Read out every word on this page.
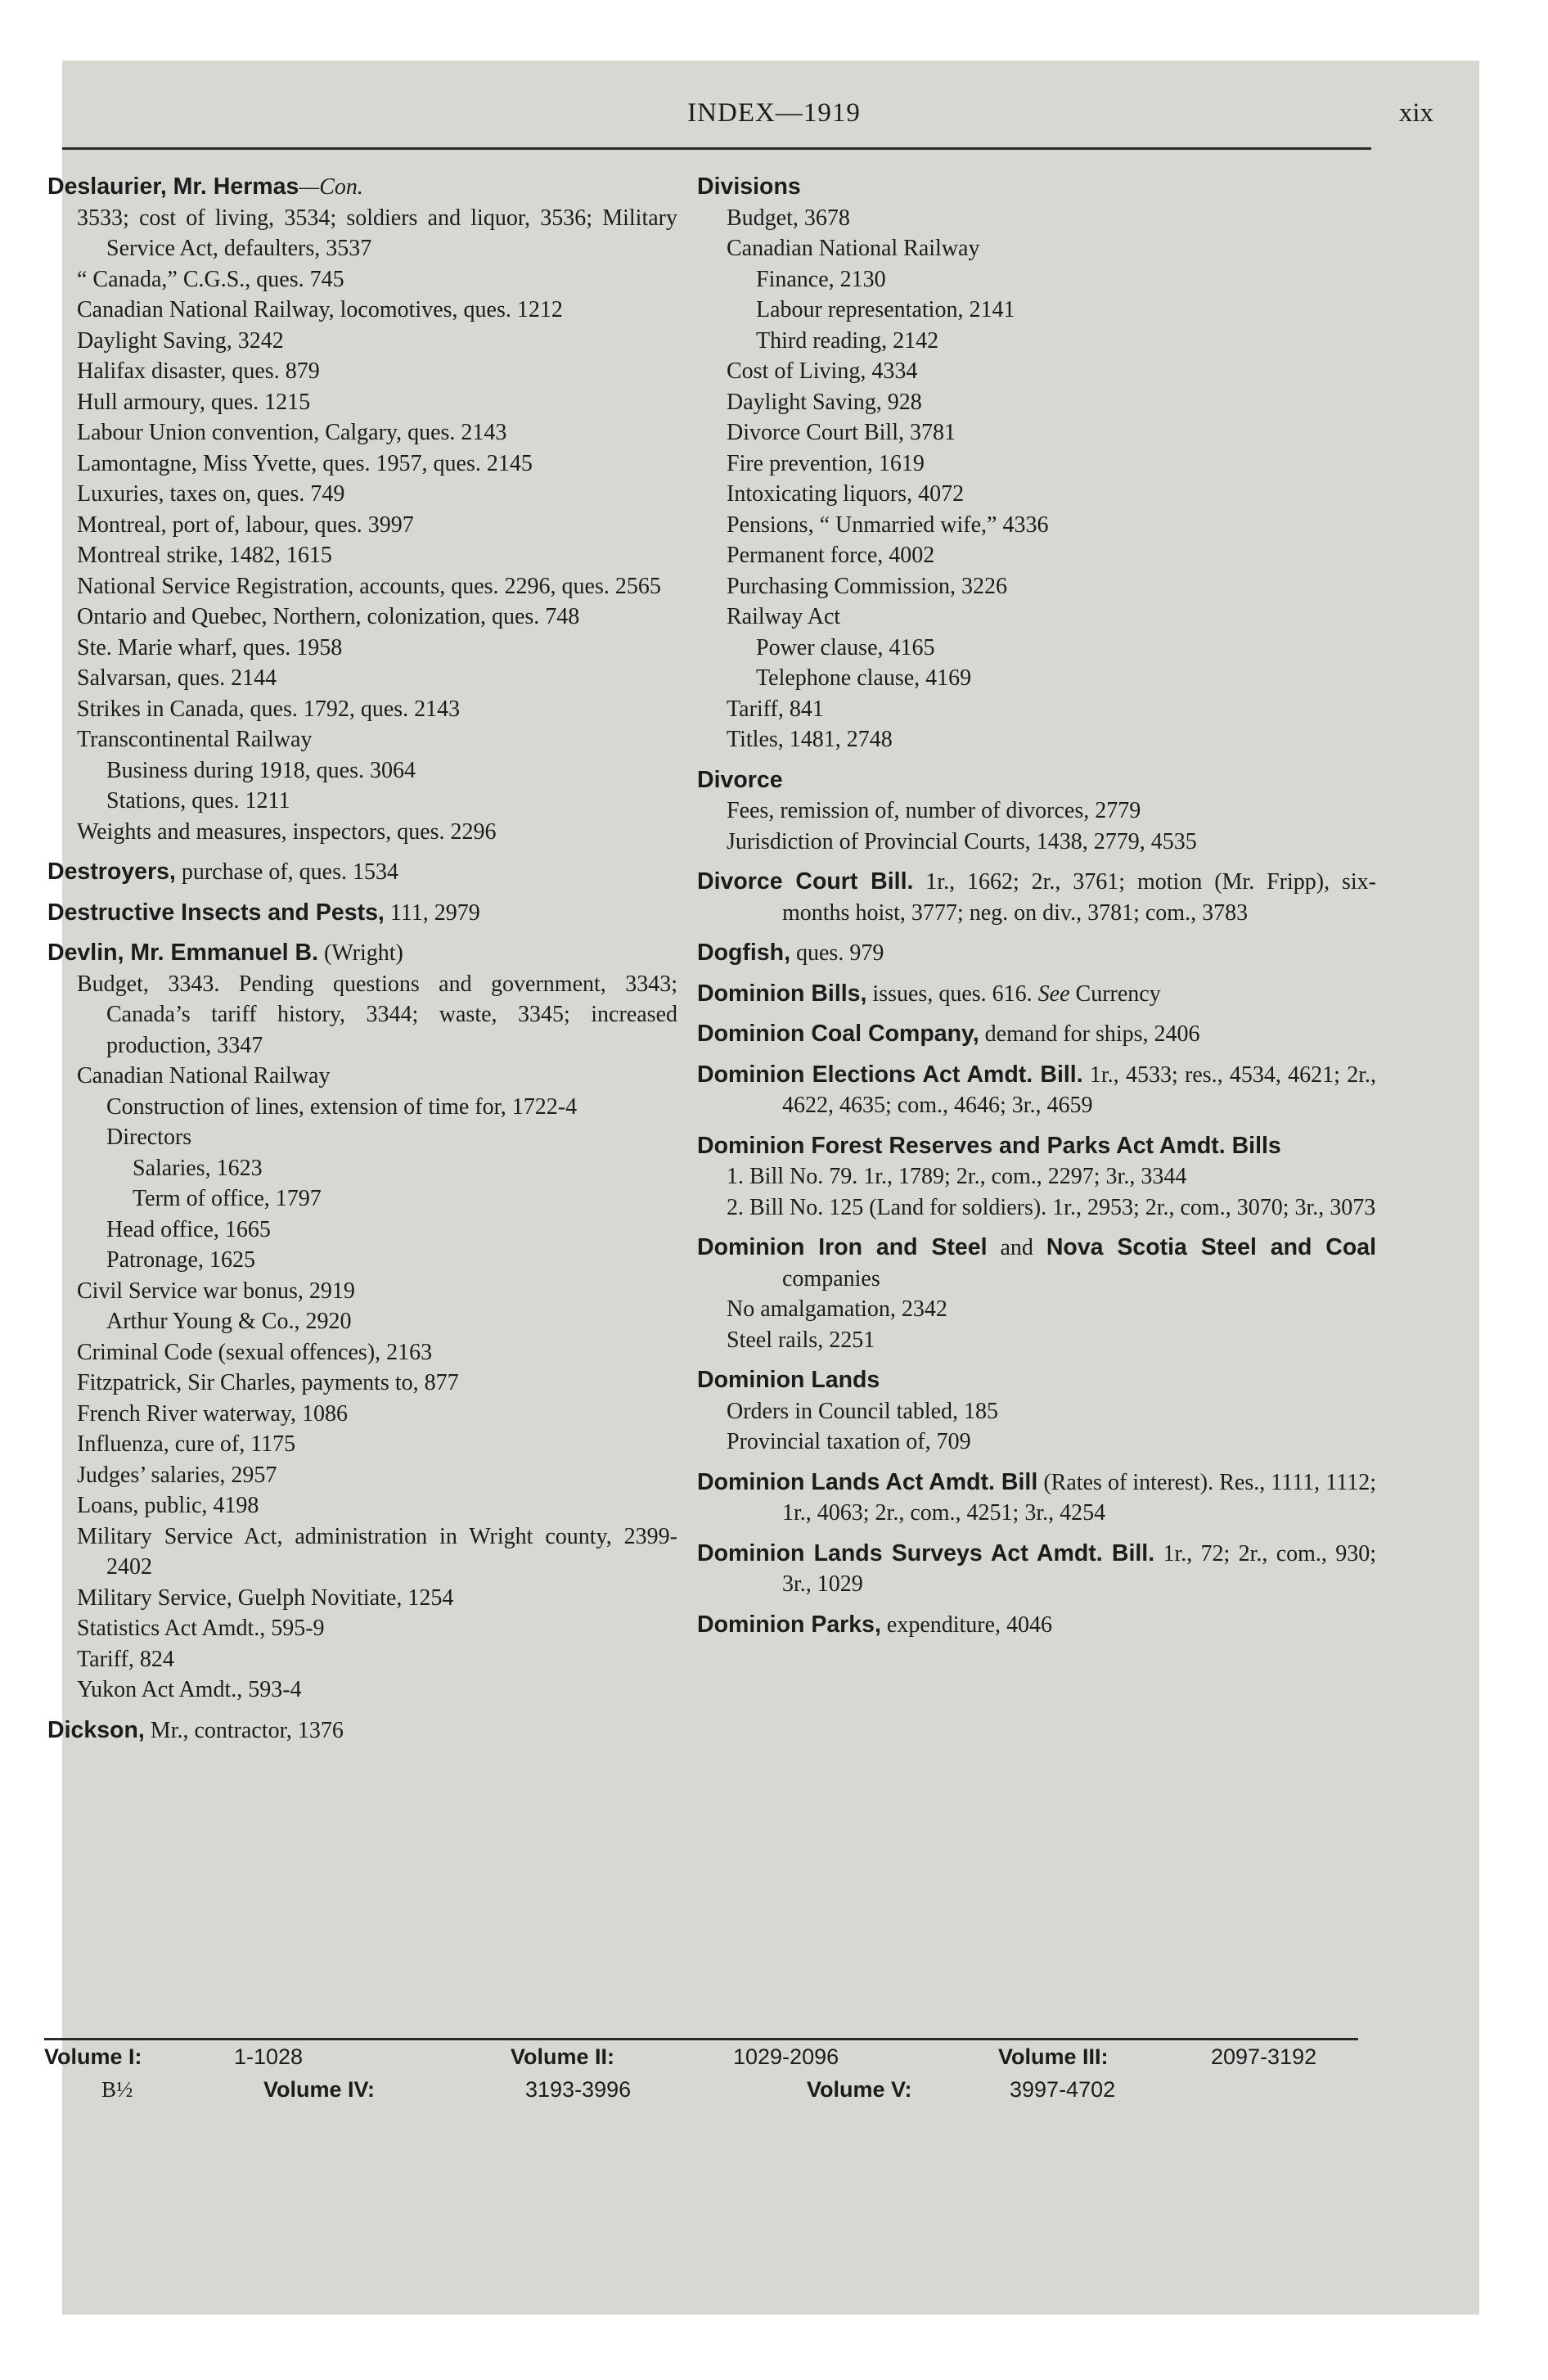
INDEX—1919	xix
Deslaurier, Mr. Hermas—Con.
3533; cost of living, 3534; soldiers and liquor, 3536; Military Service Act, defaulters, 3537
“ Canada,” C.G.S., ques. 745
Canadian National Railway, locomotives, ques. 1212
Daylight Saving, 3242
Halifax disaster, ques. 879
Hull armoury, ques. 1215
Labour Union convention, Calgary, ques. 2143
Lamontagne, Miss Yvette, ques. 1957, ques. 2145
Luxuries, taxes on, ques. 749
Montreal, port of, labour, ques. 3997
Montreal strike, 1482, 1615
National Service Registration, accounts, ques. 2296, ques. 2565
Ontario and Quebec, Northern, colonization, ques. 748
Ste. Marie wharf, ques. 1958
Salvarsan, ques. 2144
Strikes in Canada, ques. 1792, ques. 2143
Transcontinental Railway
Business during 1918, ques. 3064
Stations, ques. 1211
Weights and measures, inspectors, ques. 2296
Destroyers, purchase of, ques. 1534
Destructive Insects and Pests, 111, 2979
Devlin, Mr. Emmanuel B. (Wright)
Budget, 3343. Pending questions and government, 3343; Canada’s tariff history, 3344; waste, 3345; increased production, 3347
Canadian National Railway
Construction of lines, extension of time for, 1722-4
Directors
Salaries, 1623
Term of office, 1797
Head office, 1665
Patronage, 1625
Civil Service war bonus, 2919
Arthur Young & Co., 2920
Criminal Code (sexual offences), 2163
Fitzpatrick, Sir Charles, payments to, 877
French River waterway, 1086
Influenza, cure of, 1175
Judges’ salaries, 2957
Loans, public, 4198
Military Service Act, administration in Wright county, 2399-2402
Military Service, Guelph Novitiate, 1254
Statistics Act Amdt., 595-9
Tariff, 824
Yukon Act Amdt., 593-4
Dickson, Mr., contractor, 1376
Divisions
Budget, 3678
Canadian National Railway
Finance, 2130
Labour representation, 2141
Third reading, 2142
Cost of Living, 4334
Daylight Saving, 928
Divorce Court Bill, 3781
Fire prevention, 1619
Intoxicating liquors, 4072
Pensions, “ Unmarried wife,” 4336
Permanent force, 4002
Purchasing Commission, 3226
Railway Act
Power clause, 4165
Telephone clause, 4169
Tariff, 841
Titles, 1481, 2748
Divorce
Fees, remission of, number of divorces, 2779
Jurisdiction of Provincial Courts, 1438, 2779, 4535
Divorce Court Bill. 1r., 1662; 2r., 3761; motion (Mr. Fripp), six-months hoist, 3777; neg. on div., 3781; com., 3783
Dogfish, ques. 979
Dominion Bills, issues, ques. 616. See Currency
Dominion Coal Company, demand for ships, 2406
Dominion Elections Act Amdt. Bill. 1r., 4533; res., 4534, 4621; 2r., 4622, 4635; com., 4646; 3r., 4659
Dominion Forest Reserves and Parks Act Amdt. Bills
1. Bill No. 79. 1r., 1789; 2r., com., 2297; 3r., 3344
2. Bill No. 125 (Land for soldiers). 1r., 2953; 2r., com., 3070; 3r., 3073
Dominion Iron and Steel and Nova Scotia Steel and Coal companies
No amalgamation, 2342
Steel rails, 2251
Dominion Lands
Orders in Council tabled, 185
Provincial taxation of, 709
Dominion Lands Act Amdt. Bill (Rates of interest). Res., 1111, 1112; 1r., 4063; 2r., com., 4251; 3r., 4254
Dominion Lands Surveys Act Amdt. Bill. 1r., 72; 2r., com., 930; 3r., 1029
Dominion Parks, expenditure, 4046
Volume I:	1-1028	Volume II:	1029-2096	Volume III:	2097-3192
B½	Volume IV:	3193-3996	Volume V:	3997-4702
